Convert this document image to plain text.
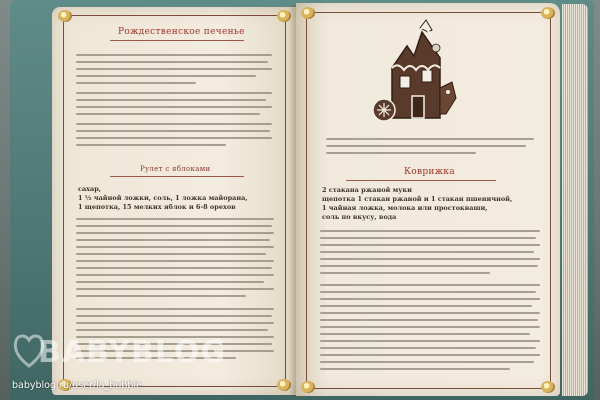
Рождественское печенье
Рулет с яблоками
сахар,
1 ½ чайной ложки, соль, 1 ложка майорана,
1 щепотка, 15 мелких яблок и 6-8 орехов
Коврижка
2 стакана ржаной муки
щепотка 1 стакан ржаной и 1 стакан пшеничной,
1 чайная ложка, молока или простокваши,
соль по вкусу, вода
BABYBLOG
babyblog.ru/user/la_bubble
